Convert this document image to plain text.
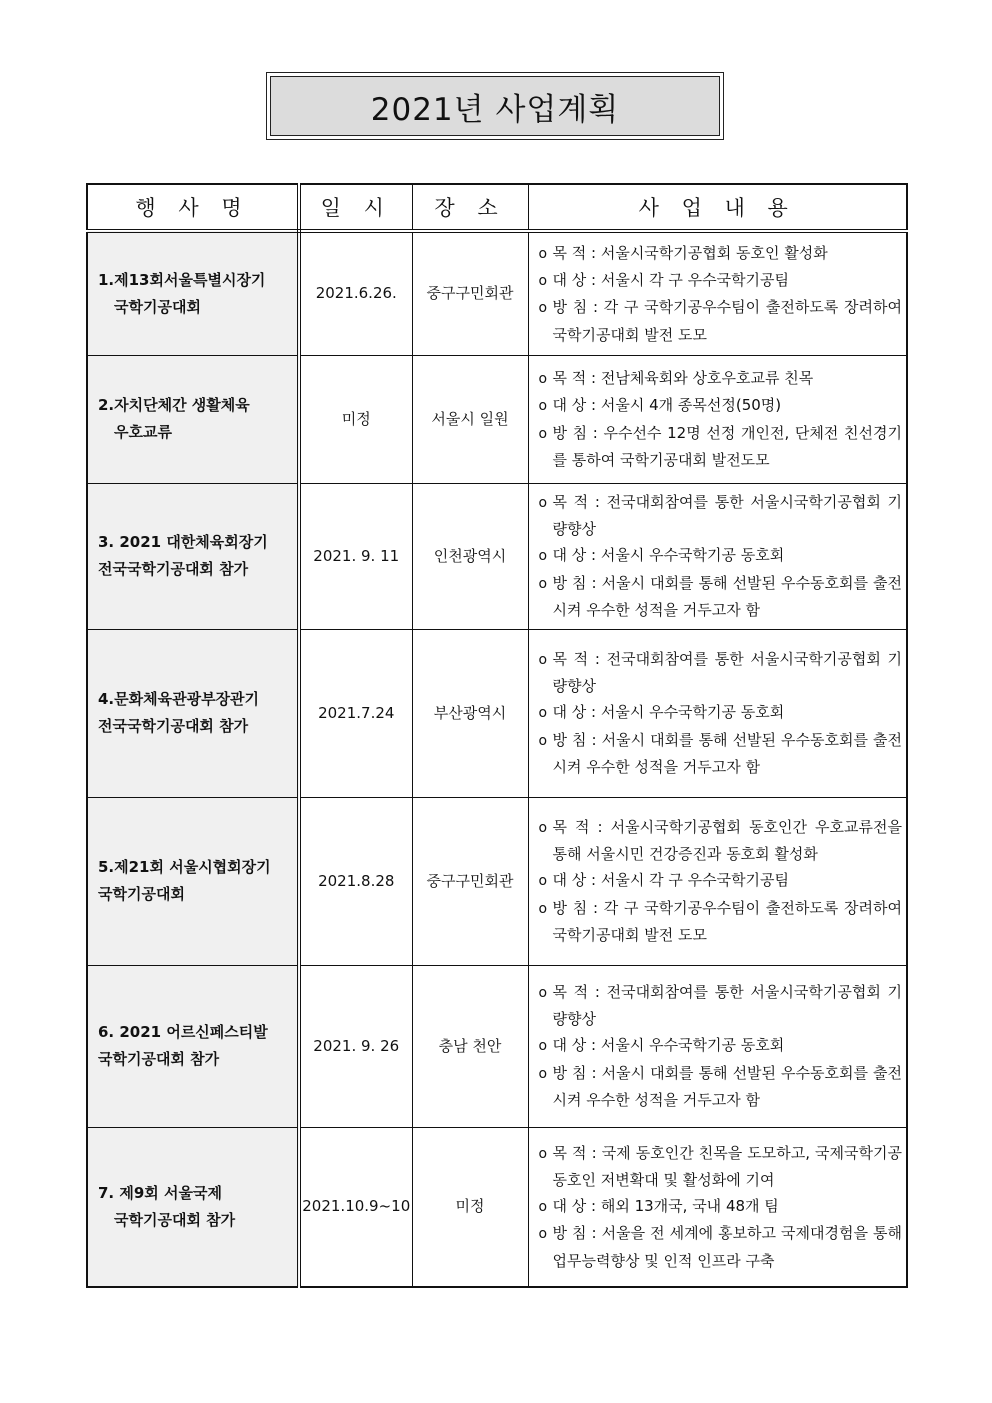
2021년 사업계획
행 사 명	일 시	장 소	사 업 내 용

1.제13회서울특별시장기
국학기공대회	2021.6.26.	중구구민회관	o 목 적 : 서울시국학기공협회 동호인 활성화
o 대 상 : 서울시 각 구 우수국학기공팀
o 방 침 : 각 구 국학기공우수팀이 출전하도록 장려하여 국학기공대회 발전 도모

2.자치단체간 생활체육
우호교류	미정	서울시 일원	o 목 적 : 전남체육회와 상호우호교류 친목
o 대 상 : 서울시 4개 종목선정(50명)
o 방 침 : 우수선수 12명 선정 개인전, 단체전 친선경기를 통하여 국학기공대회 발전도모

3. 2021 대한체육회장기
전국국학기공대회 참가	2021. 9. 11	인천광역시	o 목 적 : 전국대회참여를 통한 서울시국학기공협회 기량향상
o 대 상 : 서울시 우수국학기공 동호회
o 방 침 : 서울시 대회를 통해 선발된 우수동호회를 출전시켜 우수한 성적을 거두고자 함

4.문화체육관광부장관기
전국국학기공대회 참가	2021.7.24	부산광역시	o 목 적 : 전국대회참여를 통한 서울시국학기공협회 기량향상
o 대 상 : 서울시 우수국학기공 동호회
o 방 침 : 서울시 대회를 통해 선발된 우수동호회를 출전시켜 우수한 성적을 거두고자 함

5.제21회 서울시협회장기
국학기공대회	2021.8.28	중구구민회관	o 목 적 : 서울시국학기공협회 동호인간 우호교류전을 통해 서울시민 건강증진과 동호회 활성화
o 대 상 : 서울시 각 구 우수국학기공팀
o 방 침 : 각 구 국학기공우수팀이 출전하도록 장려하여 국학기공대회 발전 도모

6. 2021 어르신페스티발
국학기공대회 참가	2021. 9. 26	충남 천안	o 목 적 : 전국대회참여를 통한 서울시국학기공협회 기량향상
o 대 상 : 서울시 우수국학기공 동호회
o 방 침 : 서울시 대회를 통해 선발된 우수동호회를 출전시켜 우수한 성적을 거두고자 함

7. 제9회 서울국제
국학기공대회 참가	2021.10.9~10	미정	o 목 적 : 국제 동호인간 친목을 도모하고, 국제국학기공 동호인 저변확대 및 활성화에 기여
o 대 상 : 해외 13개국, 국내 48개 팀
o 방 침 : 서울을 전 세계에 홍보하고 국제대경험을 통해 업무능력향상 및 인적 인프라 구축
